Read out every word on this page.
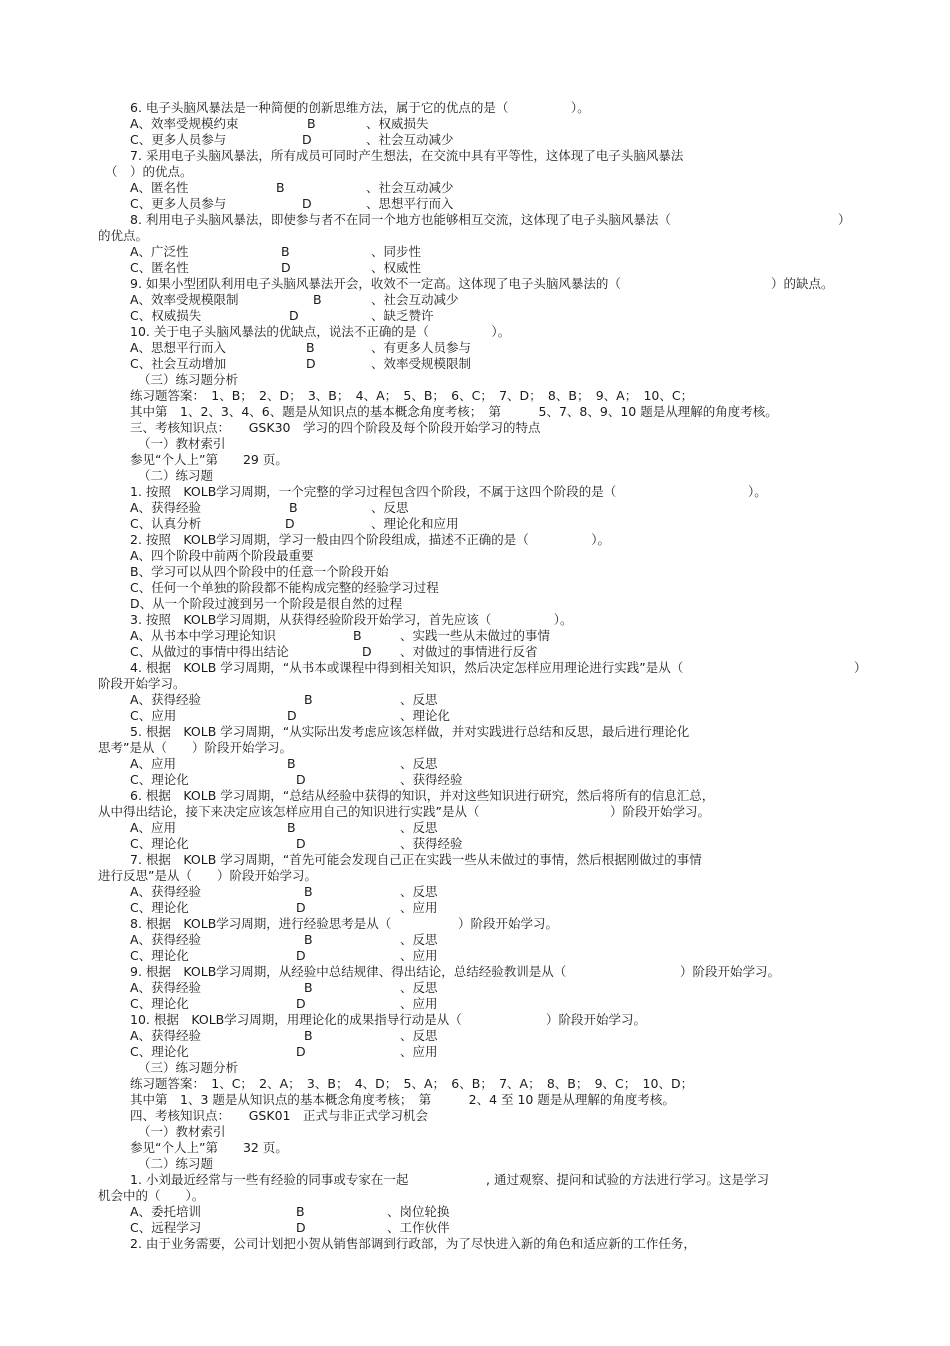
6. 电子头脑风暴法是一种简便的创新思维方法，属于它的优点的是（　　　　　）。
A、效率受规模约束	B	、权威损失
C、更多人员参与	D	、社会互动减少
7. 采用电子头脑风暴法，所有成员可同时产生想法，在交流中具有平等性，这体现了电子头脑风暴法
（　）的优点。
A、匿名性	B	、社会互动减少
C、更多人员参与	D	、思想平行而入
8. 利用电子头脑风暴法，即使参与者不在同一个地方也能够相互交流，这体现了电子头脑风暴法（	）
的优点。
A、广泛性	B	、同步性
C、匿名性	D	、权威性
9. 如果小型团队利用电子头脑风暴法开会，收效不一定高。这体现了电子头脑风暴法的（	）的缺点。
A、效率受规模限制	B	、社会互动减少
C、权威损失	D	、缺乏赞许
10. 关于电子头脑风暴法的优缺点，说法不正确的是（　　　　　）。
A、思想平行而入	B	、有更多人员参与
C、社会互动增加	D	、效率受规模限制
（三）练习题分析
练习题答案：　1、B；　2、D；　3、B；　4、A；　5、B；　6、C；　7、D；　8、B；　9、A；　10、C；
其中第　1、2、3、4、6、题是从知识点的基本概念角度考核；　第　　　5、7、8、9、10 题是从理解的角度考核。
三、考核知识点：　　GSK30　学习的四个阶段及每个阶段开始学习的特点
（一）教材索引
参见“个人上”第　　29 页。
（二）练习题
1. 按照　KOLB学习周期，一个完整的学习过程包含四个阶段，不属于这四个阶段的是（	）。
A、获得经验	B	、反思
C、认真分析	D	、理论化和应用
2. 按照　KOLB学习周期，学习一般由四个阶段组成，描述不正确的是（　　　　　）。
A、四个阶段中前两个阶段最重要
B、学习可以从四个阶段中的任意一个阶段开始
C、任何一个单独的阶段都不能构成完整的经验学习过程
D、从一个阶段过渡到另一个阶段是很自然的过程
3. 按照　KOLB学习周期，从获得经验阶段开始学习，首先应该（　　　　　）。
A、从书本中学习理论知识	B	、实践一些从未做过的事情
C、从做过的事情中得出结论	D 、对做过的事情进行反省
4. 根据　KOLB 学习周期，“从书本或课程中得到相关知识，然后决定怎样应用理论进行实践”是从（	）
阶段开始学习。
A、获得经验	B	、反思
C、应用	D	、理论化
5. 根据　KOLB 学习周期，“从实际出发考虑应该怎样做，并对实践进行总结和反思，最后进行理论化
思考”是从（　　）阶段开始学习。
A、应用	B	、反思
C、理论化	D	、获得经验
6. 根据　KOLB 学习周期，“总结从经验中获得的知识，并对这些知识进行研究，然后将所有的信息汇总，
从中得出结论，接下来决定应该怎样应用自己的知识进行实践”是从（	）阶段开始学习。
A、应用	B	、反思
C、理论化	D	、获得经验
7. 根据　KOLB 学习周期，“首先可能会发现自己正在实践一些从未做过的事情，然后根据刚做过的事情
进行反思”是从（　　）阶段开始学习。
A、获得经验	B	、反思
C、理论化	D	、应用
8. 根据　KOLB学习周期，进行经验思考是从（	）阶段开始学习。
A、获得经验	B	、反思
C、理论化	D	、应用
9. 根据　KOLB学习周期，从经验中总结规律、得出结论，总结经验教训是从（	）阶段开始学习。
A、获得经验	B	、反思
C、理论化	D	、应用
10. 根据　KOLB学习周期，用理论化的成果指导行动是从（	）阶段开始学习。
A、获得经验	B	、反思
C、理论化	D	、应用
（三）练习题分析
练习题答案：　1、C；　2、A；　3、B；　4、D；　5、A；　6、B；　7、A；　8、B；　9、C；　10、D；
其中第　1、3 题是从知识点的基本概念角度考核；　第　　　2、4 至 10 题是从理解的角度考核。
四、考核知识点：　　GSK01　正式与非正式学习机会
（一）教材索引
参见“个人上”第　　32 页。
（二）练习题
1. 小刘最近经常与一些有经验的同事或专家在一起	, 通过观察、提问和试验的方法进行学习。这是学习
机会中的（　　）。
A、委托培训	B	、岗位轮换
C、远程学习	D	、工作伙伴
2. 由于业务需要，公司计划把小贺从销售部调到行政部，为了尽快进入新的角色和适应新的工作任务，
